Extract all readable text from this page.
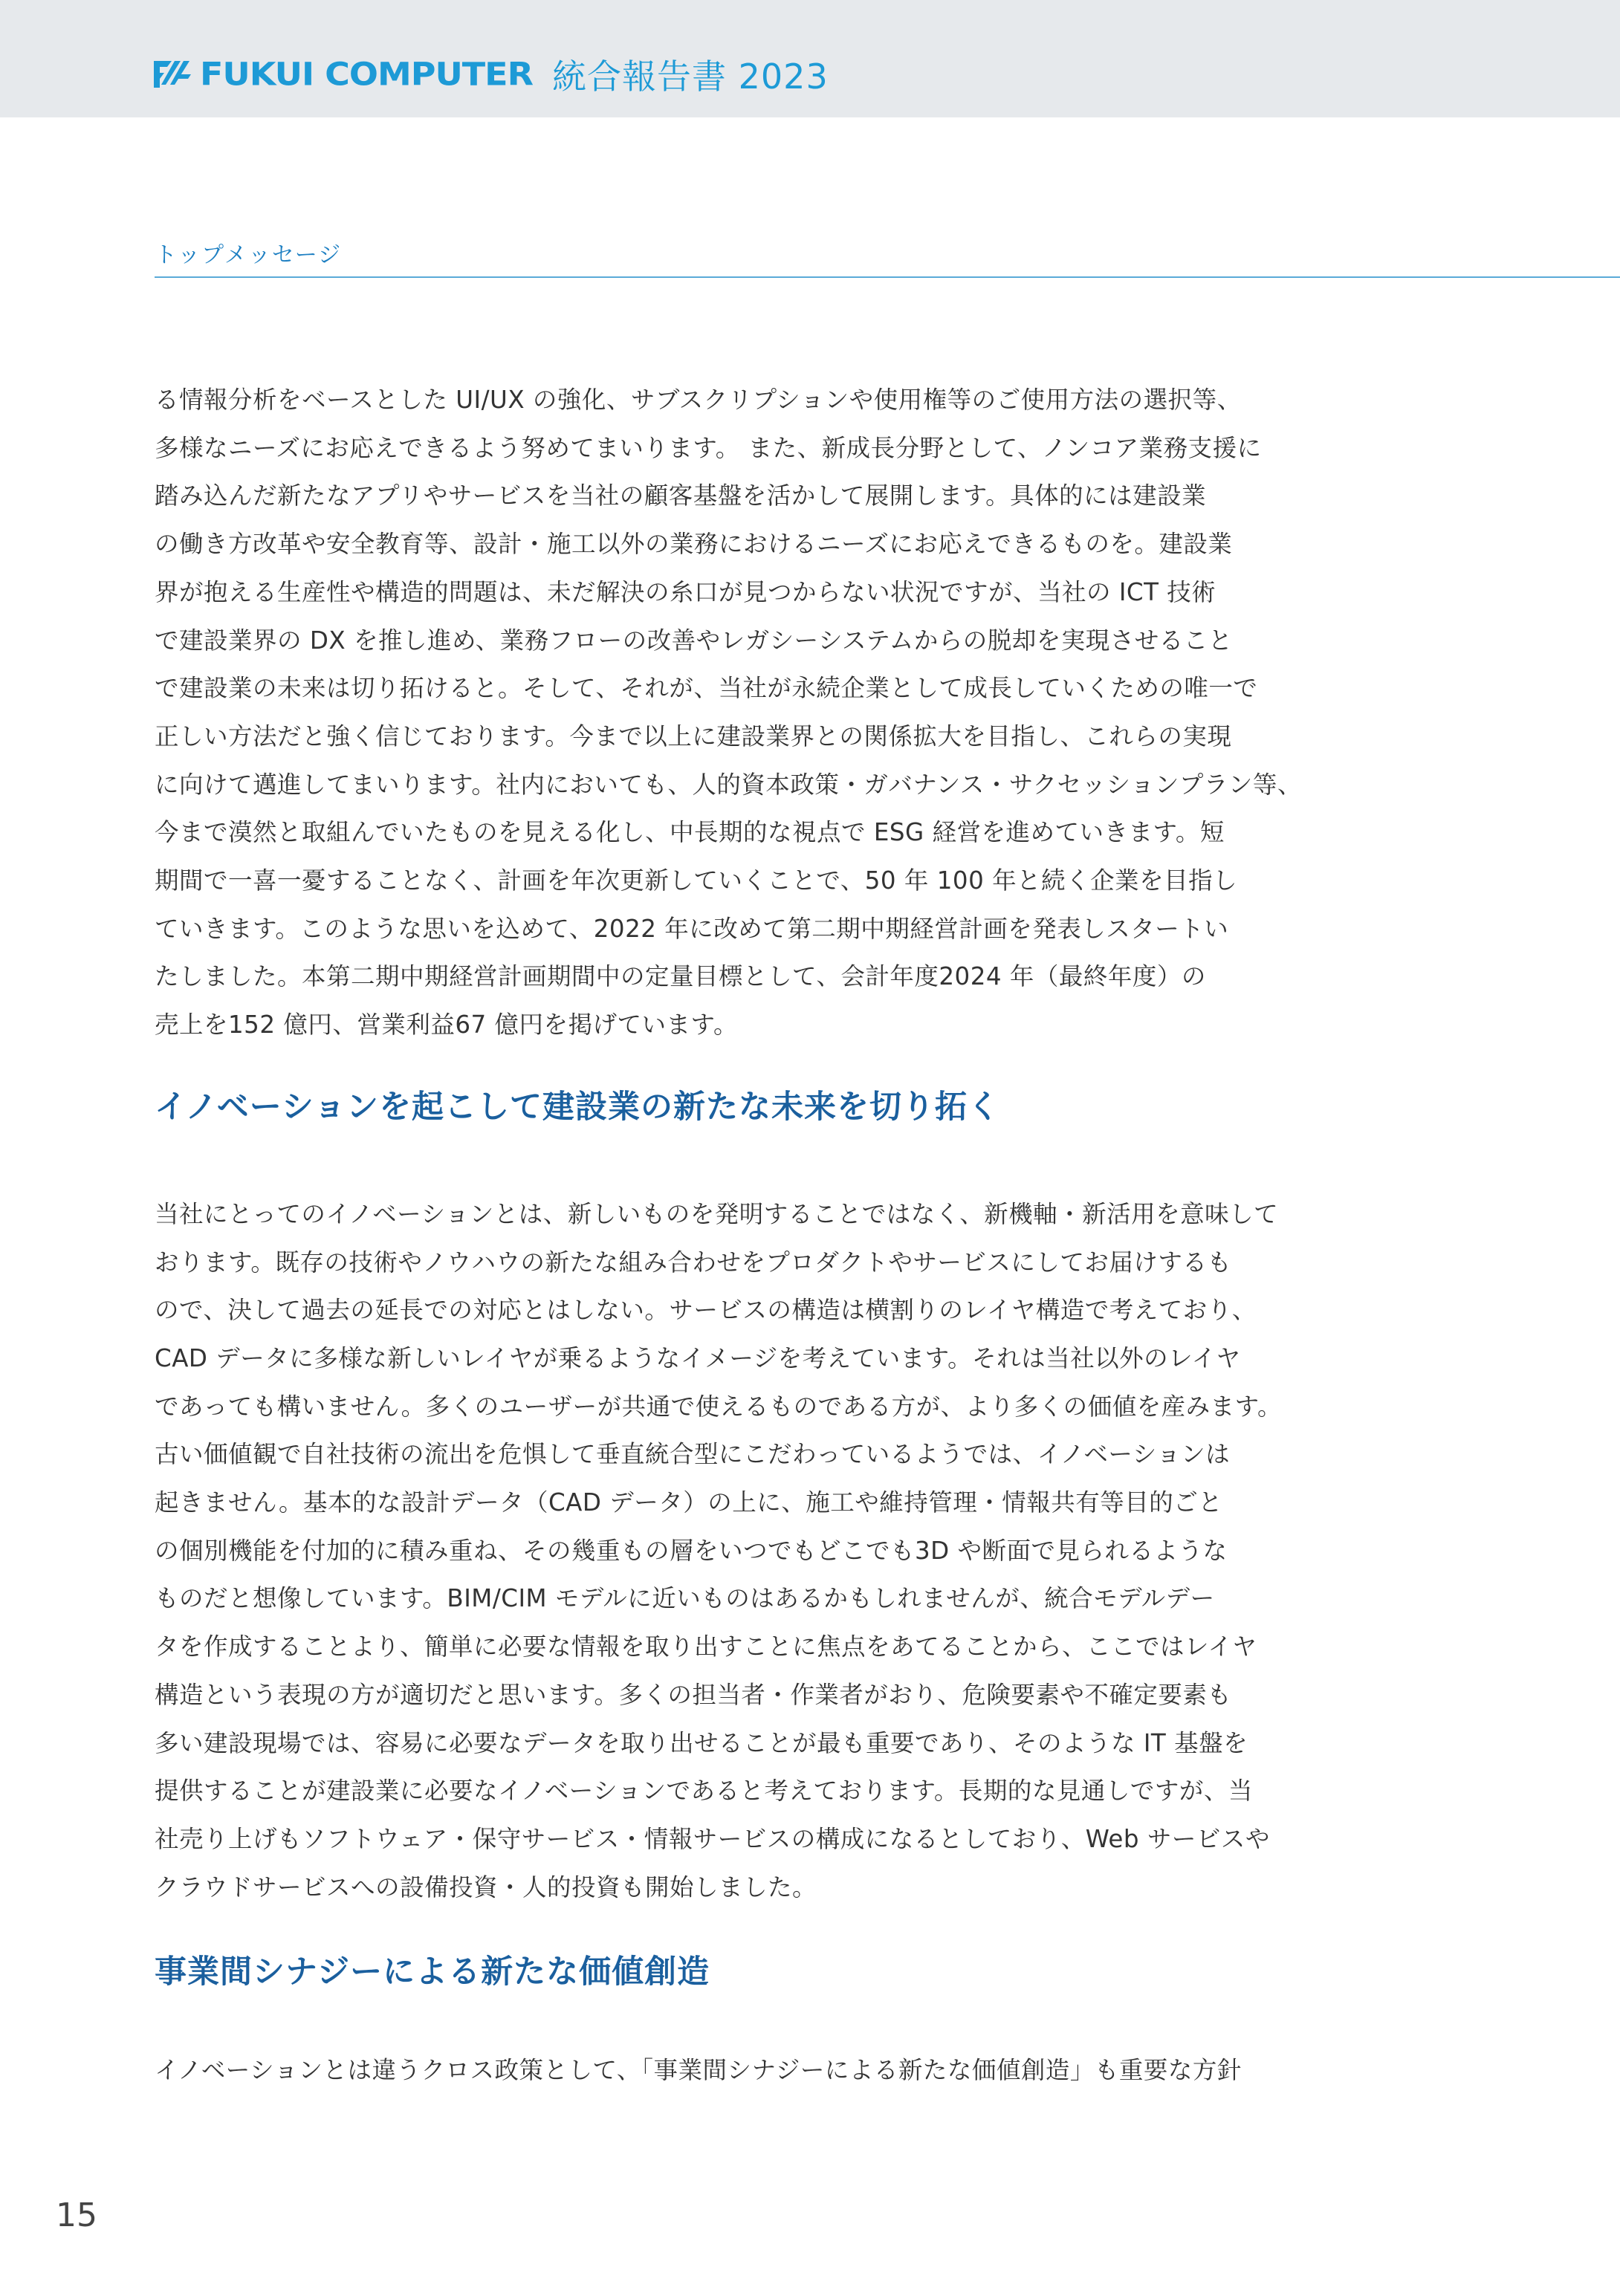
FUKUI COMPUTER 統合報告書 2023
トップメッセージ

る情報分析をベースとした UI/UX の強化、サブスクリプションや使用権等のご使用方法の選択等、

多様なニーズにお応えできるよう努めてまいります。 また、新成長分野として、ノンコア業務支援に

踏み込んだ新たなアプリやサービスを当社の顧客基盤を活かして展開します。具体的には建設業

の働き方改革や安全教育等、設計・施工以外の業務におけるニーズにお応えできるものを。建設業

界が抱える生産性や構造的問題は、未だ解決の糸口が見つからない状況ですが、当社の ICT 技術

で建設業界の DX を推し進め、業務フローの改善やレガシーシステムからの脱却を実現させること

で建設業の未来は切り拓けると。そして、それが、当社が永続企業として成長していくための唯一で

正しい方法だと強く信じております。今まで以上に建設業界との関係拡大を目指し、これらの実現

に向けて邁進してまいります。社内においても、人的資本政策・ガバナンス・サクセッションプラン等、

今まで漠然と取組んでいたものを見える化し、中長期的な視点で ESG 経営を進めていきます。短

期間で一喜一憂することなく、計画を年次更新していくことで、50 年 100 年と続く企業を目指し

ていきます。このような思いを込めて、2022 年に改めて第二期中期経営計画を発表しスタートい

たしました。本第二期中期経営計画期間中の定量目標として、会計年度2024 年（最終年度）の

売上を152 億円、営業利益67 億円を掲げています。

イノベーションを起こして建設業の新たな未来を切り拓く

当社にとってのイノベーションとは、新しいものを発明することではなく、新機軸・新活用を意味して

おります。既存の技術やノウハウの新たな組み合わせをプロダクトやサービスにしてお届けするも

ので、決して過去の延長での対応とはしない。サービスの構造は横割りのレイヤ構造で考えており、

CAD データに多様な新しいレイヤが乗るようなイメージを考えています。それは当社以外のレイヤ

であっても構いません。多くのユーザーが共通で使えるものである方が、より多くの価値を産みます。

古い価値観で自社技術の流出を危惧して垂直統合型にこだわっているようでは、イノベーションは

起きません。基本的な設計データ（CAD データ）の上に、施工や維持管理・情報共有等目的ごと

の個別機能を付加的に積み重ね、その幾重もの層をいつでもどこでも3D や断面で見られるような

ものだと想像しています。BIM/CIM モデルに近いものはあるかもしれませんが、統合モデルデー

タを作成することより、簡単に必要な情報を取り出すことに焦点をあてることから、ここではレイヤ

構造という表現の方が適切だと思います。多くの担当者・作業者がおり、危険要素や不確定要素も

多い建設現場では、容易に必要なデータを取り出せることが最も重要であり、そのような IT 基盤を

提供することが建設業に必要なイノベーションであると考えております。長期的な見通しですが、当

社売り上げもソフトウェア・保守サービス・情報サービスの構成になるとしており、Web サービスや

クラウドサービスへの設備投資・人的投資も開始しました。

事業間シナジーによる新たな価値創造

イノベーションとは違うクロス政策として、「事業間シナジーによる新たな価値創造」も重要な方針

15
